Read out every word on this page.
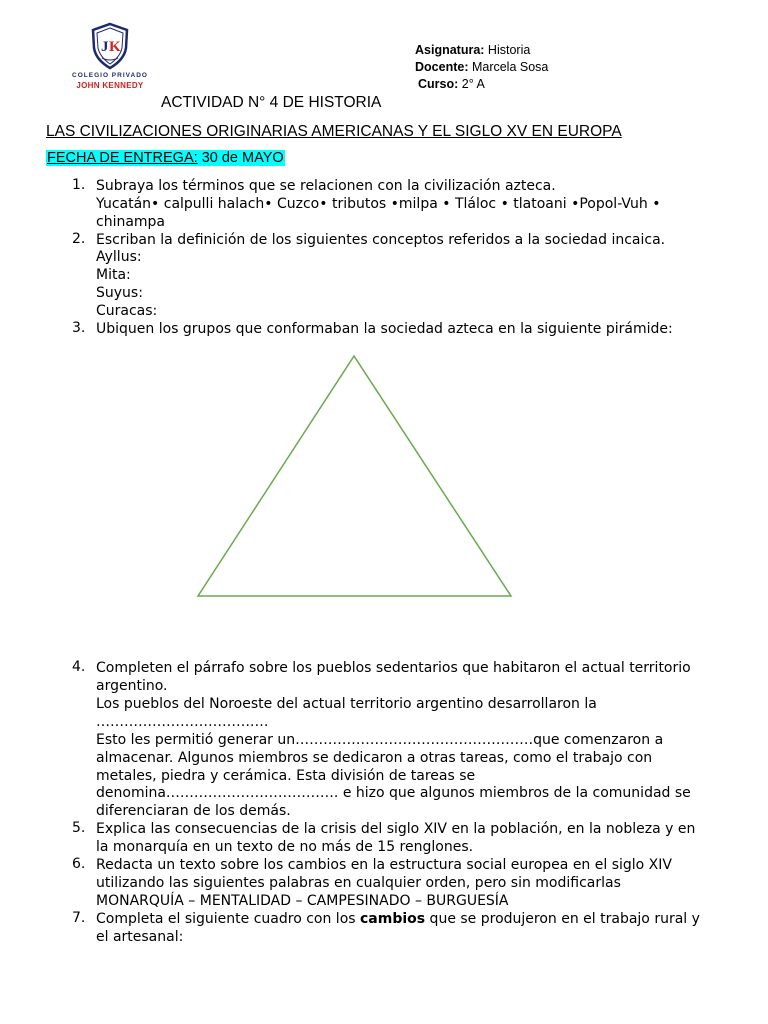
J K
COLEGIO PRIVADO
JOHN KENNEDY
Asignatura: Historia
Docente: Marcela Sosa
Curso: 2° A
ACTIVIDAD N° 4 DE HISTORIA
LAS CIVILIZACIONES ORIGINARIAS AMERICANAS Y EL SIGLO XV EN EUROPA
FECHA DE ENTREGA: 30 de MAYO
1. Subraya los términos que se relacionen con la civilización azteca.
Yucatán• calpulli halach• Cuzco• tributos •milpa • Tláloc • tlatoani •Popol-Vuh •
chinampa
2. Escriban la definición de los siguientes conceptos referidos a la sociedad incaica.
Ayllus:
Mita:
Suyus:
Curacas:
3. Ubiquen los grupos que conformaban la sociedad azteca en la siguiente pirámide:
4. Completen el párrafo sobre los pueblos sedentarios que habitaron el actual territorio
argentino.
Los pueblos del Noroeste del actual territorio argentino desarrollaron la
…………………………….…
Esto les permitió generar un……………………………………………que comenzaron a
almacenar. Algunos miembros se dedicaron a otras tareas, como el trabajo con
metales, piedra y cerámica. Esta división de tareas se
denomina………………………………. e hizo que algunos miembros de la comunidad se
diferenciaran de los demás.
5. Explica las consecuencias de la crisis del siglo XIV en la población, en la nobleza y en
la monarquía en un texto de no más de 15 renglones.
6. Redacta un texto sobre los cambios en la estructura social europea en el siglo XIV
utilizando las siguientes palabras en cualquier orden, pero sin modificarlas
MONARQUÍA – MENTALIDAD – CAMPESINADO – BURGUESÍA
7. Completa el siguiente cuadro con los cambios que se produjeron en el trabajo rural y
el artesanal:
